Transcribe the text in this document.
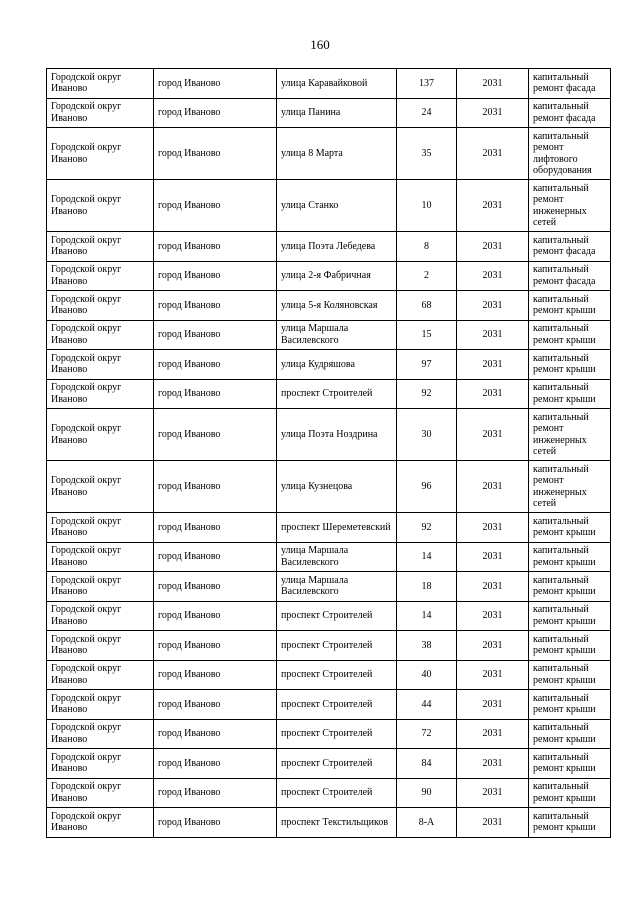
160
Городской округ Иваново	город Иваново	улица Каравайковой	137	2031	капитальный ремонт фасада
Городской округ Иваново	город Иваново	улица Панина	24	2031	капитальный ремонт фасада
Городской округ Иваново	город Иваново	улица 8 Марта	35	2031	капитальный ремонт лифтового оборудования
Городской округ Иваново	город Иваново	улица Станко	10	2031	капитальный ремонт инженерных сетей
Городской округ Иваново	город Иваново	улица Поэта Лебедева	8	2031	капитальный ремонт фасада
Городской округ Иваново	город Иваново	улица 2-я Фабричная	2	2031	капитальный ремонт фасада
Городской округ Иваново	город Иваново	улица 5-я Коляновская	68	2031	капитальный ремонт крыши
Городской округ Иваново	город Иваново	улица Маршала Василевского	15	2031	капитальный ремонт крыши
Городской округ Иваново	город Иваново	улица Кудряшова	97	2031	капитальный ремонт крыши
Городской округ Иваново	город Иваново	проспект Строителей	92	2031	капитальный ремонт крыши
Городской округ Иваново	город Иваново	улица Поэта Ноздрина	30	2031	капитальный ремонт инженерных сетей
Городской округ Иваново	город Иваново	улица Кузнецова	96	2031	капитальный ремонт инженерных сетей
Городской округ Иваново	город Иваново	проспект Шереметевский	92	2031	капитальный ремонт крыши
Городской округ Иваново	город Иваново	улица Маршала Василевского	14	2031	капитальный ремонт крыши
Городской округ Иваново	город Иваново	улица Маршала Василевского	18	2031	капитальный ремонт крыши
Городской округ Иваново	город Иваново	проспект Строителей	14	2031	капитальный ремонт крыши
Городской округ Иваново	город Иваново	проспект Строителей	38	2031	капитальный ремонт крыши
Городской округ Иваново	город Иваново	проспект Строителей	40	2031	капитальный ремонт крыши
Городской округ Иваново	город Иваново	проспект Строителей	44	2031	капитальный ремонт крыши
Городской округ Иваново	город Иваново	проспект Строителей	72	2031	капитальный ремонт крыши
Городской округ Иваново	город Иваново	проспект Строителей	84	2031	капитальный ремонт крыши
Городской округ Иваново	город Иваново	проспект Строителей	90	2031	капитальный ремонт крыши
Городской округ Иваново	город Иваново	проспект Текстильщиков	8-А	2031	капитальный ремонт крыши
